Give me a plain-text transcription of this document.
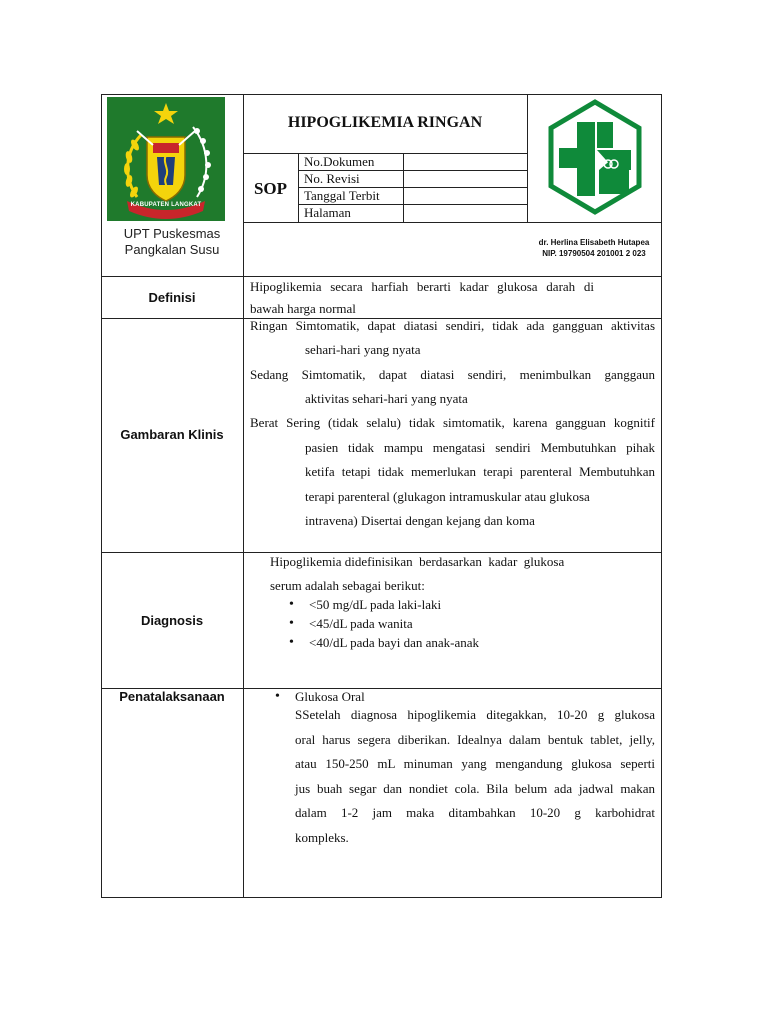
KABUPATEN LANGKAT
UPT Puskesmas
Pangkalan Susu
HIPOGLIKEMIA RINGAN
SOP
No.Dokumen
No. Revisi
Tanggal Terbit
Halaman
dr. Herlina Elisabeth Hutapea
NIP. 19790504 201001 2 023
Definisi
Hipoglikemia secara harfiah berarti kadar glukosa darah di
bawah harga normal
Gambaran Klinis
Ringan Simtomatik, dapat diatasi sendiri, tidak ada gangguan aktivitas
sehari-hari yang nyata
Sedang Simtomatik, dapat diatasi sendiri, menimbulkan ganggaun
aktivitas sehari-hari yang nyata
Berat Sering (tidak selalu) tidak simtomatik, karena gangguan kognitif
pasien tidak mampu mengatasi sendiri Membutuhkan pihak
ketifa tetapi tidak memerlukan terapi parenteral Membutuhkan
terapi parenteral (glukagon intramuskular atau glukosa
intravena) Disertai dengan kejang dan koma
Diagnosis
Hipoglikemia didefinisikan  berdasarkan  kadar  glukosa
serum adalah sebagai berikut:
• <50 mg/dL pada laki-laki
• <45/dL pada wanita
• <40/dL pada bayi dan anak-anak
Penatalaksanaan
•	Glukosa Oral
SSetelah diagnosa hipoglikemia ditegakkan, 10-20 g glukosa
oral harus segera diberikan. Idealnya dalam bentuk tablet, jelly,
atau 150-250 mL minuman yang mengandung glukosa seperti
jus buah segar dan nondiet cola. Bila belum ada jadwal makan
dalam  1-2  jam  maka  ditambahkan  10-20  g  karbohidrat
kompleks.
